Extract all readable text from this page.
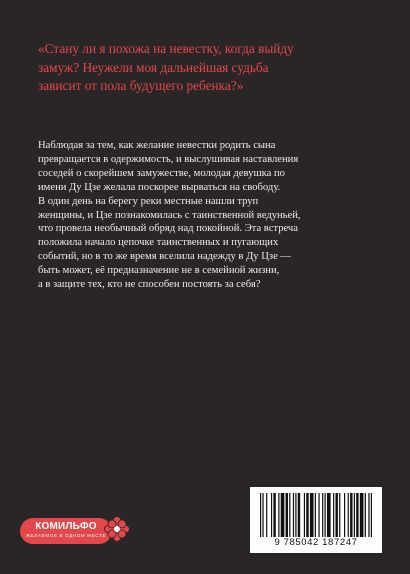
«Стану ли я похожа на невестку, когда выйду
замуж? Неужели моя дальнейшая судьба
зависит от пола будущего ребенка?»

Наблюдая за тем, как желание невестки родить сына
превращается в одержимость, и выслушивая наставления
соседей о скорейшем замужестве, молодая девушка по
имени Ду Цзе желала поскорее вырваться на свободу.
В один день на берегу реки местные нашли труп
женщины, и Цзе познакомилась с таинственной ведуньей,
что провела необычный обряд над покойной. Эта встреча
положила начало цепочке таинственных и пугающих
событий, но в то же время вселила надежду в Ду Цзе —
быть может, её предназначение не в семейной жизни,
а в защите тех, кто не способен постоять за себя?

КОМИЛЬФО
ЖЕЛАЕМОЕ В ОДНОМ МЕСТЕ
9 785042 187247
